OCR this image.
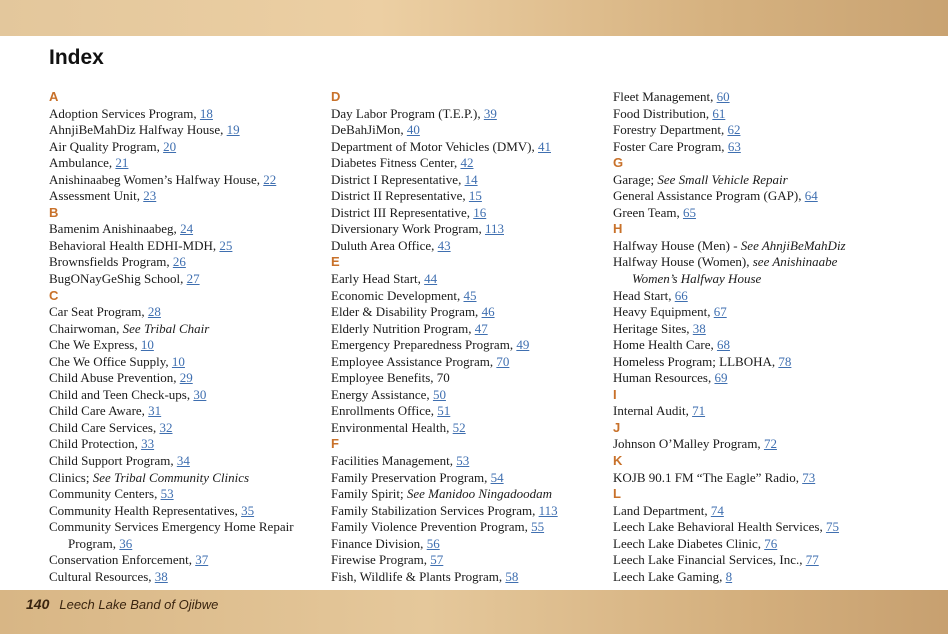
Index
A
Adoption Services Program, 18
AhnjiBeMahDiz Halfway House, 19
Air Quality Program, 20
Ambulance, 21
Anishinaabeg Women’s Halfway House, 22
Assessment Unit, 23
B
Bamenim Anishinaabeg, 24
Behavioral Health EDHI-MDH, 25
Brownsfields Program, 26
BugONayGeShig School, 27
C
Car Seat Program, 28
Chairwoman, See Tribal Chair
Che We Express, 10
Che We Office Supply, 10
Child Abuse Prevention, 29
Child and Teen Check-ups, 30
Child Care Aware, 31
Child Care Services, 32
Child Protection, 33
Child Support Program, 34
Clinics; See Tribal Community Clinics
Community Centers, 53
Community Health Representatives, 35
Community Services Emergency Home Repair
Program, 36
Conservation Enforcement, 37
Cultural Resources, 38
D
Day Labor Program (T.E.P.), 39
DeBahJiMon, 40
Department of Motor Vehicles (DMV), 41
Diabetes Fitness Center, 42
District I Representative, 14
District II Representative, 15
District III Representative, 16
Diversionary Work Program, 113
Duluth Area Office, 43
E
Early Head Start, 44
Economic Development, 45
Elder & Disability Program, 46
Elderly Nutrition Program, 47
Emergency Preparedness Program, 49
Employee Assistance Program, 70
Employee Benefits, 70
Energy Assistance, 50
Enrollments Office, 51
Environmental Health, 52
F
Facilities Management, 53
Family Preservation Program, 54
Family Spirit; See Manidoo Ningadoodam
Family Stabilization Services Program, 113
Family Violence Prevention Program, 55
Finance Division, 56
Firewise Program, 57
Fish, Wildlife & Plants Program, 58
Fleet Management, 60
Food Distribution, 61
Forestry Department, 62
Foster Care Program, 63
G
Garage; See Small Vehicle Repair
General Assistance Program (GAP), 64
Green Team, 65
H
Halfway House (Men) - See AhnjiBeMahDiz
Halfway House (Women), see Anishinaabe
Women’s Halfway House
Head Start, 66
Heavy Equipment, 67
Heritage Sites, 38
Home Health Care, 68
Homeless Program; LLBOHA, 78
Human Resources, 69
I
Internal Audit, 71
J
Johnson O’Malley Program, 72
K
KOJB 90.1 FM “The Eagle” Radio, 73
L
Land Department, 74
Leech Lake Behavioral Health Services, 75
Leech Lake Diabetes Clinic, 76
Leech Lake Financial Services, Inc., 77
Leech Lake Gaming, 8
140 Leech Lake Band of Ojibwe
